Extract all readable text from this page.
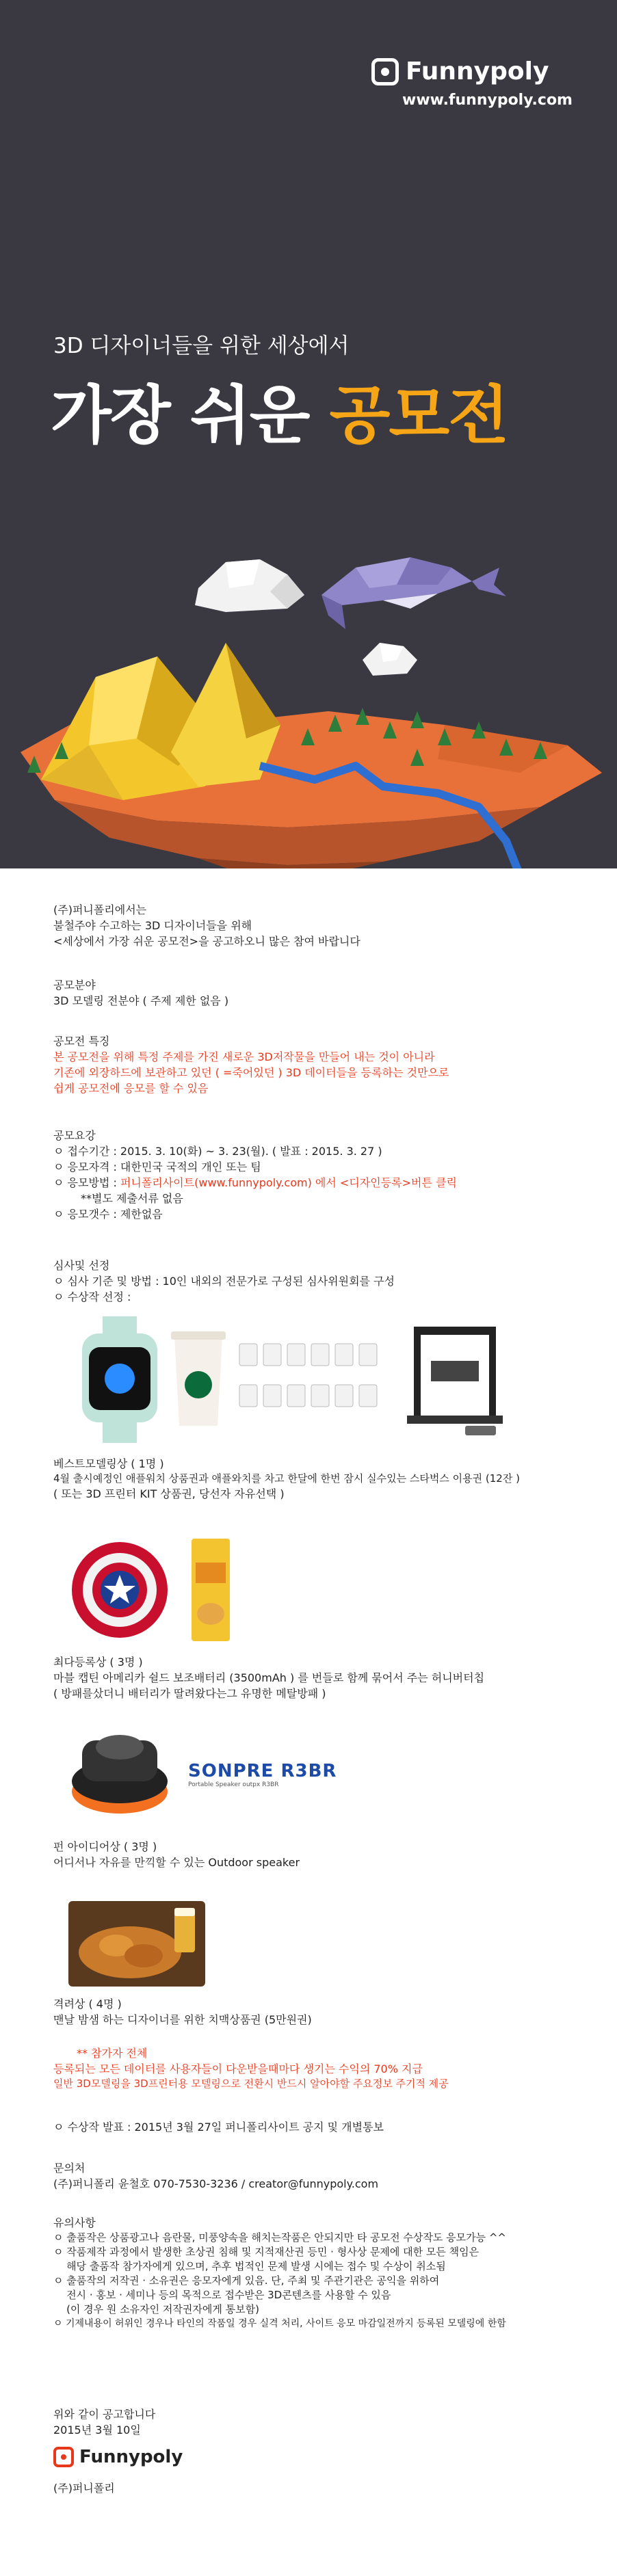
Funnypoly
www.funnypoly.com
3D 디자이너들을 위한 세상에서
가장 쉬운 공모전
(주)퍼니폴리에서는
불철주야 수고하는 3D 디자이너들을 위해
<세상에서 가장 쉬운 공모전>을 공고하오니 많은 참여 바랍니다
공모분야
3D 모델링 전분야 ( 주제 제한 없음 )
공모전 특징
본 공모전을 위해 특정 주제를 가진 새로운 3D저작물을 만들어 내는 것이 아니라
기존에 외장하드에 보관하고 있던 ( =죽어있던 ) 3D 데이터들을 등록하는 것만으로
쉽게 공모전에 응모를 할 수 있음
공모요강
ㅇ 접수기간 : 2015. 3. 10(화) ~ 3. 23(월). ( 발표 : 2015. 3. 27 )
ㅇ 응모자격 : 대한민국 국적의 개인 또는 팀
ㅇ 응모방법 : 퍼니폴리사이트(www.funnypoly.com) 에서 <디자인등록>버튼 클릭
**별도 제출서류 없음
ㅇ 응모갯수 : 제한없음
심사및 선정
ㅇ 심사 기준 및 방법 : 10인 내외의 전문가로 구성된 심사위원회를 구성
ㅇ 수상작 선정 :
베스트모델링상 ( 1명 )
4월 출시예정인 애플워치 상품권과 애플와치를 차고 한달에 한번 잠시 실수있는 스타벅스 이용권 (12잔 )
( 또는 3D 프린터 KIT 상품권, 당선자 자유선택 )
최다등록상 ( 3명 )
마블 캡틴 아메리카 쉴드 보조배터리 (3500mAh ) 를 번들로 함께 묶어서 주는 허니버터칩
( 방패를샀더니 배터리가 딸려왔다는그 유명한 메탈방패 )
SONPRE R3BR
Portable Speaker outpx R3BR
펀 아이디어상 ( 3명 )
어디서나 자유를 만끽할 수 있는 Outdoor speaker
격려상 ( 4명 )
맨날 밤샘 하는 디자이너를 위한 치맥상품권 (5만원권)
** 참가자 전체
등록되는 모든 데이터를 사용자들이 다운받을때마다 생기는 수익의 70% 지급
일반 3D모델링을 3D프린터용 모델링으로 전환시 반드시 알아야할 주요정보 주기적 제공
ㅇ 수상작 발표 : 2015년 3월 27일 퍼니폴리사이트 공지 및 개별통보
문의처
(주)퍼니폴리 윤철호 070-7530-3236 / creator@funnypoly.com
유의사항
ㅇ 출품작은 상품광고나 음란물, 미풍양속을 해치는작품은 안되지만 타 공모전 수상작도 응모가능 ^^
ㅇ 작품제작 과정에서 발생한 초상권 침해 및 지적재산권 등민 · 형사상 문제에 대한 모든 책임은
해당 출품작 참가자에게 있으며, 추후 법적인 문제 발생 시에는 접수 및 수상이 취소됨
ㅇ 출품작의 저작권 · 소유권은 응모자에게 있음. 단, 주최 및 주관기관은 공익을 위하여
전시 · 홍보 · 세미나 등의 목적으로 접수받은 3D콘텐츠를 사용할 수 있음
(이 경우 원 소유자인 저작권자에게 통보함)
ㅇ 기제내용이 허위인 경우나 타인의 작품일 경우 실격 처리, 사이트 응모 마감일전까지 등록된 모델링에 한함
위와 같이 공고합니다
2015년 3월 10일
Funnypoly
(주)퍼니폴리
